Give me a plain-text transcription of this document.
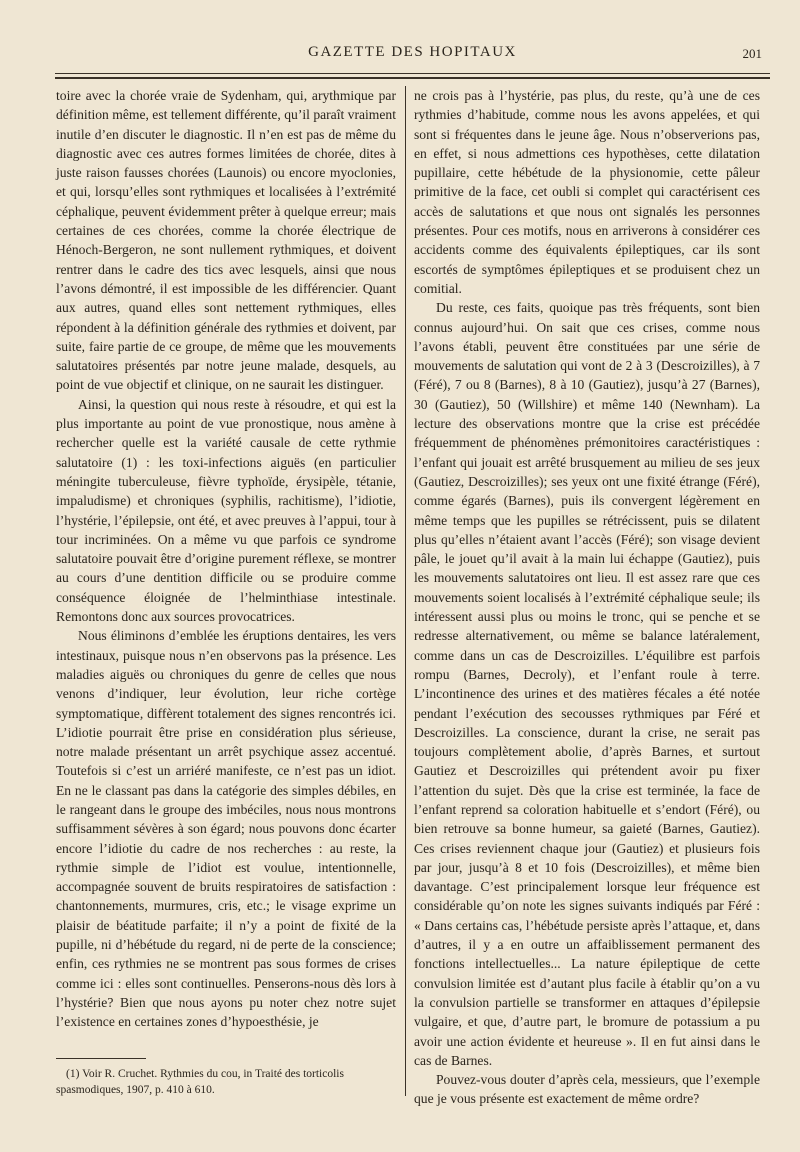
GAZETTE DES HOPITAUX	201

toire avec la chorée vraie de Sydenham, qui, arythmique par définition même, est tellement différente, qu’il paraît vraiment inutile d’en discuter le diagnostic. Il n’en est pas de même du diagnostic avec ces autres formes limitées de chorée, dites à juste raison fausses chorées (Launois) ou encore myoclonies, et qui, lorsqu’elles sont rythmiques et localisées à l’extrémité céphalique, peuvent évidemment prêter à quelque erreur; mais certaines de ces chorées, comme la chorée électrique de Hénoch-Bergeron, ne sont nullement rythmiques, et doivent rentrer dans le cadre des tics avec lesquels, ainsi que nous l’avons démontré, il est impossible de les différencier. Quant aux autres, quand elles sont nettement rythmiques, elles répondent à la définition générale des rythmies et doivent, par suite, faire partie de ce groupe, de même que les mouvements salutatoires présentés par notre jeune malade, desquels, au point de vue objectif et clinique, on ne saurait les distinguer.

Ainsi, la question qui nous reste à résoudre, et qui est la plus importante au point de vue pronostique, nous amène à rechercher quelle est la variété causale de cette rythmie salutatoire (1) : les toxi-infections aiguës (en particulier méningite tuberculeuse, fièvre typhoïde, érysipèle, tétanie, impaludisme) et chroniques (syphilis, rachitisme), l’idiotie, l’hystérie, l’épilepsie, ont été, et avec preuves à l’appui, tour à tour incriminées. On a même vu que parfois ce syndrome salutatoire pouvait être d’origine purement réflexe, se montrer au cours d’une dentition difficile ou se produire comme conséquence éloignée de l’helminthiase intestinale. Remontons donc aux sources provocatrices.

Nous éliminons d’emblée les éruptions dentaires, les vers intestinaux, puisque nous n’en observons pas la présence. Les maladies aiguës ou chroniques du genre de celles que nous venons d’indiquer, leur évolution, leur riche cortège symptomatique, diffèrent totalement des signes rencontrés ici. L’idiotie pourrait être prise en considération plus sérieuse, notre malade présentant un arrêt psychique assez accentué. Toutefois si c’est un arriéré manifeste, ce n’est pas un idiot. En ne le classant pas dans la catégorie des simples débiles, en le rangeant dans le groupe des imbéciles, nous nous montrons suffisamment sévères à son égard; nous pouvons donc écarter encore l’idiotie du cadre de nos recherches : au reste, la rythmie simple de l’idiot est voulue, intentionnelle, accompagnée souvent de bruits respiratoires de satisfaction : chantonnements, murmures, cris, etc.; le visage exprime un plaisir de béatitude parfaite; il n’y a point de fixité de la pupille, ni d’hébétude du regard, ni de perte de la conscience; enfin, ces rythmies ne se montrent pas sous formes de crises comme ici : elles sont continuelles. Penserons-nous dès lors à l’hystérie? Bien que nous ayons pu noter chez notre sujet l’existence en certaines zones d’hypoesthésie, je

ne crois pas à l’hystérie, pas plus, du reste, qu’à une de ces rythmies d’habitude, comme nous les avons appelées, et qui sont si fréquentes dans le jeune âge. Nous n’observerions pas, en effet, si nous admettions ces hypothèses, cette dilatation pupillaire, cette hébétude de la physionomie, cette pâleur primitive de la face, cet oubli si complet qui caractérisent ces accès de salutations et que nous ont signalés les personnes présentes. Pour ces motifs, nous en arriverons à considérer ces accidents comme des équivalents épileptiques, car ils sont escortés de symptômes épileptiques et se produisent chez un comitial.

Du reste, ces faits, quoique pas très fréquents, sont bien connus aujourd’hui. On sait que ces crises, comme nous l’avons établi, peuvent être constituées par une série de mouvements de salutation qui vont de 2 à 3 (Descroizilles), à 7 (Féré), 7 ou 8 (Barnes), 8 à 10 (Gautiez), jusqu’à 27 (Barnes), 30 (Gautiez), 50 (Willshire) et même 140 (Newnham). La lecture des observations montre que la crise est précédée fréquemment de phénomènes prémonitoires caractéristiques : l’enfant qui jouait est arrêté brusquement au milieu de ses jeux (Gautiez, Descroizilles); ses yeux ont une fixité étrange (Féré), comme égarés (Barnes), puis ils convergent légèrement en même temps que les pupilles se rétrécissent, puis se dilatent plus qu’elles n’étaient avant l’accès (Féré); son visage devient pâle, le jouet qu’il avait à la main lui échappe (Gautiez), puis les mouvements salutatoires ont lieu. Il est assez rare que ces mouvements soient localisés à l’extrémité céphalique seule; ils intéressent aussi plus ou moins le tronc, qui se penche et se redresse alternativement, ou même se balance latéralement, comme dans un cas de Descroizilles. L’équilibre est parfois rompu (Barnes, Decroly), et l’enfant roule à terre. L’incontinence des urines et des matières fécales a été notée pendant l’exécution des secousses rythmiques par Féré et Descroizilles. La conscience, durant la crise, ne serait pas toujours complètement abolie, d’après Barnes, et surtout Gautiez et Descroizilles qui prétendent avoir pu fixer l’attention du sujet. Dès que la crise est terminée, la face de l’enfant reprend sa coloration habituelle et s’endort (Féré), ou bien retrouve sa bonne humeur, sa gaieté (Barnes, Gautiez). Ces crises reviennent chaque jour (Gautiez) et plusieurs fois par jour, jusqu’à 8 et 10 fois (Descroizilles), et même bien davantage. C’est principalement lorsque leur fréquence est considérable qu’on note les signes suivants indiqués par Féré : « Dans certains cas, l’hébétude persiste après l’attaque, et, dans d’autres, il y a en outre un affaiblissement permanent des fonctions intellectuelles... La nature épileptique de cette convulsion limitée est d’autant plus facile à établir qu’on a vu la convulsion partielle se transformer en attaques d’épilepsie vulgaire, et que, d’autre part, le bromure de potassium a pu avoir une action évidente et heureuse ». Il en fut ainsi dans le cas de Barnes.

Pouvez-vous douter d’après cela, messieurs, que l’exemple que je vous présente est exactement de même ordre?

(1) Voir R. Cruchet. Rythmies du cou, in Traité des torticolis spasmodiques, 1907, p. 410 à 610.
